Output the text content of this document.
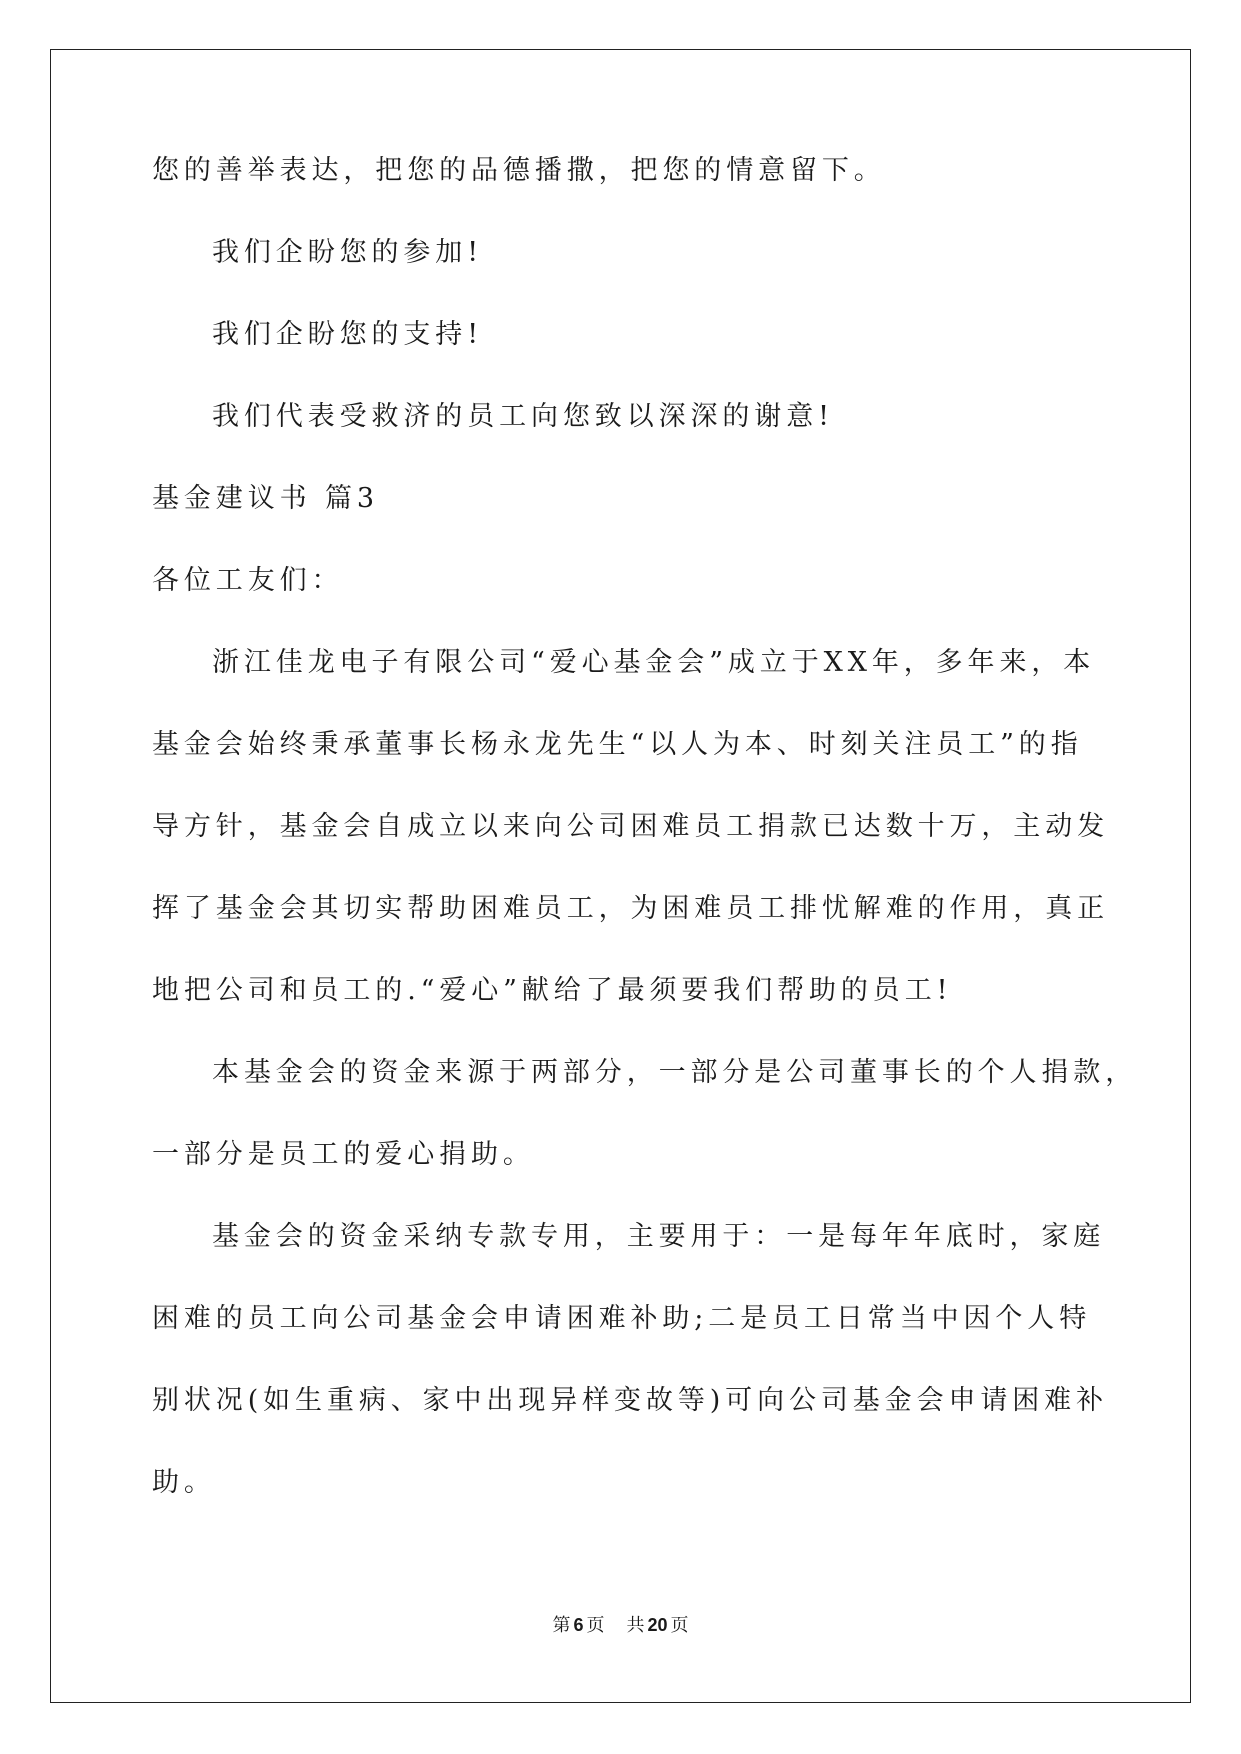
您的善举表达，把您的品德播撒，把您的情意留下。

我们企盼您的参加!

我们企盼您的支持!

我们代表受救济的员工向您致以深深的谢意!

基金建议书 篇3

各位工友们：

浙江佳龙电子有限公司“爱心基金会”成立于XX年，多年来，本

基金会始终秉承董事长杨永龙先生“以人为本、时刻关注员工”的指

导方针，基金会自成立以来向公司困难员工捐款已达数十万，主动发

挥了基金会其切实帮助困难员工，为困难员工排忧解难的作用，真正

地把公司和员工的.“爱心”献给了最须要我们帮助的员工!

本基金会的资金来源于两部分，一部分是公司董事长的个人捐款，

一部分是员工的爱心捐助。

基金会的资金采纳专款专用，主要用于：一是每年年底时，家庭

困难的员工向公司基金会申请困难补助;二是员工日常当中因个人特

别状况(如生重病、家中出现异样变故等)可向公司基金会申请困难补

助。

第 6 页 共 20 页
